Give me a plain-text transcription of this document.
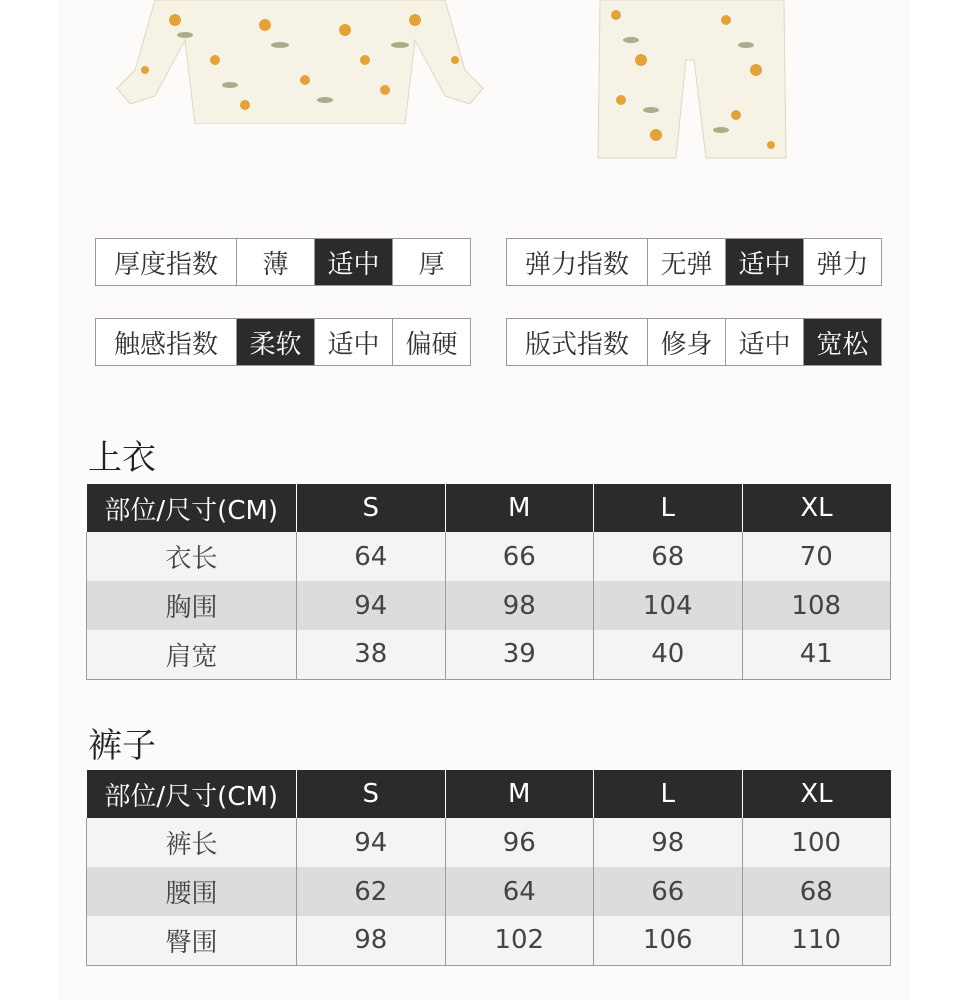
厚度指数	薄	适中	厚	弹力指数	无弹 适中 弹力
触感指数	柔软 适中 偏硬	版式指数	修身 适中 宽松
上衣
部位/尺寸(CM)	S	M	L	XL
衣长	64	66	68	70
胸围	94	98	104	108
肩宽	38	39	40	41
裤子
部位/尺寸(CM)	S	M	L	XL
裤长	94	96	98	100
腰围	62	64	66	68
臀围	98	102	106	110
